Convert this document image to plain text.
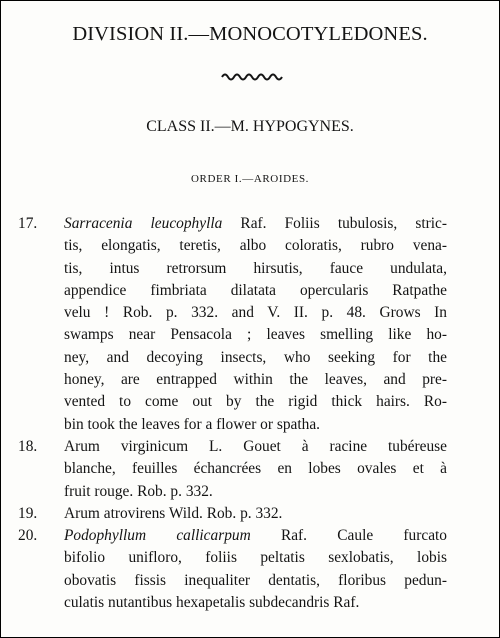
DIVISION II.—MONOCOTYLEDONES.
CLASS II.—M. HYPOGYNES.
ORDER I.—AROIDES.
17.	Sarracenia leucophylla Raf. Foliis tubulosis, stric-
tis, elongatis, teretis, albo coloratis, rubro vena-
tis, intus retrorsum hirsutis, fauce undulata,
appendice fimbriata dilatata opercularis Ratpathe
velu ! Rob. p. 332. and V. II. p. 48. Grows In
swamps near Pensacola ; leaves smelling like ho-
ney, and decoying insects, who seeking for the
honey, are entrapped within the leaves, and pre-
vented to come out by the rigid thick hairs. Ro-
bin took the leaves for a flower or spatha.
18.	Arum virginicum L. Gouet à racine tubéreuse
blanche, feuilles échancrées en lobes ovales et à
fruit rouge. Rob. p. 332.
19.	Arum atrovirens Wild. Rob. p. 332.
20.	Podophyllum callicarpum Raf. Caule furcato
bifolio unifloro, foliis peltatis sexlobatis, lobis
obovatis fissis inequaliter dentatis, floribus pedun-
culatis nutantibus hexapetalis subdecandris Raf.
